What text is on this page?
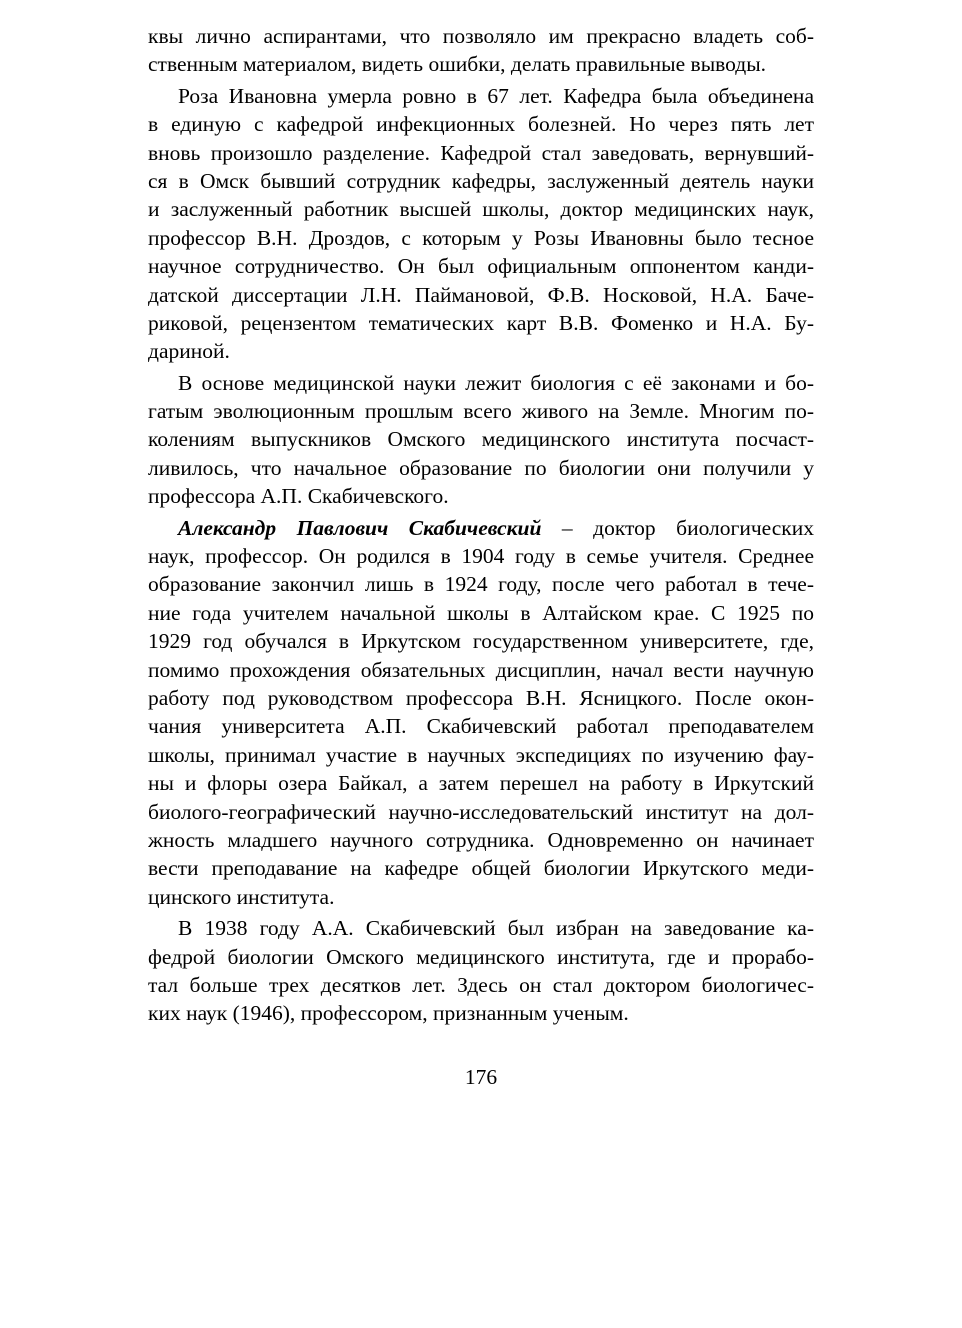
квы лично аспирантами, что позволяло им прекрасно владеть соб-
ственным материалом, видеть ошибки, делать правильные выводы.
Роза Ивановна умерла ровно в 67 лет. Кафедра была объединена
в единую с кафедрой инфекционных болезней. Но через пять лет
вновь произошло разделение. Кафедрой стал заведовать, вернувший-
ся в Омск бывший сотрудник кафедры, заслуженный деятель науки
и заслуженный работник высшей школы, доктор медицинских наук,
профессор В.Н. Дроздов, с которым у Розы Ивановны было тесное
научное сотрудничество. Он был официальным оппонентом канди-
датской диссертации Л.Н. Паймановой, Ф.В. Носковой, Н.А. Баче-
риковой, рецензентом тематических карт В.В. Фоменко и Н.А. Бу-
дариной.
В основе медицинской науки лежит биология с её законами и бо-
гатым эволюционным прошлым всего живого на Земле. Многим по-
колениям выпускников Омского медицинского института посчаст-
ливилось, что начальное образование по биологии они получили у
профессора А.П. Скабичевского.
Александр Павлович Скабичевский – доктор биологических
наук, профессор. Он родился в 1904 году в семье учителя. Среднее
образование закончил лишь в 1924 году, после чего работал в тече-
ние года учителем начальной школы в Алтайском крае. С 1925 по
1929 год обучался в Иркутском государственном университете, где,
помимо прохождения обязательных дисциплин, начал вести научную
работу под руководством профессора В.Н. Ясницкого. После окон-
чания университета А.П. Скабичевский работал преподавателем
школы, принимал участие в научных экспедициях по изучению фау-
ны и флоры озера Байкал, а затем перешел на работу в Иркутский
биолого-географический научно-исследовательский институт на дол-
жность младшего научного сотрудника. Одновременно он начинает
вести преподавание на кафедре общей биологии Иркутского меди-
цинского института.
В 1938 году А.А. Скабичевский был избран на заведование ка-
федрой биологии Омского медицинского института, где и прорабо-
тал больше трех десятков лет. Здесь он стал доктором биологичес-
ких наук (1946), профессором, признанным ученым.
176
